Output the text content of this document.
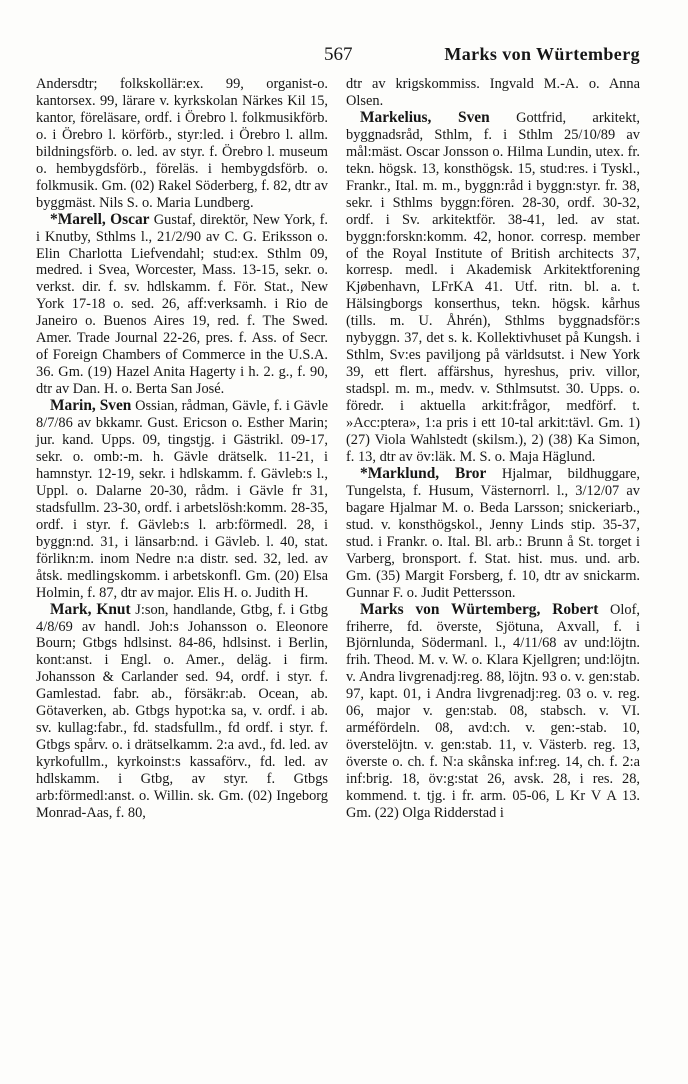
567	Marks von Würtemberg

Andersdtr; folkskollär:ex. 99, organist-o. kantorsex. 99, lärare v. kyrkskolan Närkes Kil 15, kantor, föreläsare, ordf. i Örebro l. folkmusikförb. o. i Örebro l. körförb., styr:led. i Örebro l. allm. bildningsförb. o. led. av styr. f. Örebro l. museum o. hembygdsförb., föreläs. i hembygdsförb. o. folkmusik. Gm. (02) Rakel Söderberg, f. 82, dtr av byggmäst. Nils S. o. Maria Lundberg.

*Marell, Oscar Gustaf, direktör, New York, f. i Knutby, Sthlms l., 21/2/90 av C. G. Eriksson o. Elin Charlotta Liefvendahl; stud:ex. Sthlm 09, medred. i Svea, Worcester, Mass. 13-15, sekr. o. verkst. dir. f. sv. hdlskamm. f. För. Stat., New York 17-18 o. sed. 26, aff:verksamh. i Rio de Janeiro o. Buenos Aires 19, red. f. The Swed. Amer. Trade Journal 22-26, pres. f. Ass. of Secr. of Foreign Chambers of Commerce in the U.S.A. 36. Gm. (19) Hazel Anita Hagerty i h. 2. g., f. 90, dtr av Dan. H. o. Berta San José.

Marin, Sven Ossian, rådman, Gävle, f. i Gävle 8/7/86 av bkkamr. Gust. Ericson o. Esther Marin; jur. kand. Upps. 09, tingstjg. i Gästrikl. 09-17, sekr. o. omb:-m. h. Gävle drätselk. 11-21, i hamnstyr. 12-19, sekr. i hdlskamm. f. Gävleb:s l., Uppl. o. Dalarne 20-30, rådm. i Gävle fr 31, stadsfullm. 23-30, ordf. i arbetslösh:komm. 28-35, ordf. i styr. f. Gävleb:s l. arb:förmedl. 28, i byggn:nd. 31, i länsarb:nd. i Gävleb. l. 40, stat. förlikn:m. inom Nedre n:a distr. sed. 32, led. av åtsk. medlingskomm. i arbetskonfl. Gm. (20) Elsa Holmin, f. 87, dtr av major. Elis H. o. Judith H.

Mark, Knut J:son, handlande, Gtbg, f. i Gtbg 4/8/69 av handl. Joh:s Johansson o. Eleonore Bourn; Gtbgs hdlsinst. 84-86, hdlsinst. i Berlin, kont:anst. i Engl. o. Amer., deläg. i firm. Johansson & Carlander sed. 94, ordf. i styr. f. Gamlestad. fabr. ab., försäkr:ab. Ocean, ab. Götaverken, ab. Gtbgs hypot:ka sa, v. ordf. i ab. sv. kullag:fabr., fd. stadsfullm., fd ordf. i styr. f. Gtbgs spårv. o. i drätselkamm. 2:a avd., fd. led. av kyrkofullm., kyrkoinst:s kassaförv., fd. led. av hdlskamm. i Gtbg, av styr. f. Gtbgs arb:förmedl:anst. o. Willin. sk. Gm. (02) Ingeborg Monrad-Aas, f. 80,

dtr av krigskommiss. Ingvald M.-A. o. Anna Olsen.

Markelius, Sven Gottfrid, arkitekt, byggnadsråd, Sthlm, f. i Sthlm 25/10/89 av mål:mäst. Oscar Jonsson o. Hilma Lundin, utex. fr. tekn. högsk. 13, konsthögsk. 15, stud:res. i Tyskl., Frankr., Ital. m. m., byggn:råd i byggn:styr. fr. 38, sekr. i Sthlms byggn:fören. 28-30, ordf. 30-32, ordf. i Sv. arkitektför. 38-41, led. av stat. byggn:forskn:komm. 42, honor. corresp. member of the Royal Institute of British architects 37, korresp. medl. i Akademisk Arkitektforening Kjøbenhavn, LFrKA 41. Utf. ritn. bl. a. t. Hälsingborgs konserthus, tekn. högsk. kårhus (tills. m. U. Åhrén), Sthlms byggnadsför:s nybyggn. 37, det s. k. Kollektivhuset på Kungsh. i Sthlm, Sv:es paviljong på världsutst. i New York 39, ett flert. affärshus, hyreshus, priv. villor, stadspl. m. m., medv. v. Sthlmsutst. 30. Upps. o. föredr. i aktuella arkit:frågor, medförf. t. »Acc:ptera», 1:a pris i ett 10-tal arkit:tävl. Gm. 1) (27) Viola Wahlstedt (skilsm.), 2) (38) Ka Simon, f. 13, dtr av öv:läk. M. S. o. Maja Häglund.

*Marklund, Bror Hjalmar, bildhuggare, Tungelsta, f. Husum, Västernorrl. l., 3/12/07 av bagare Hjalmar M. o. Beda Larsson; snickeriarb., stud. v. konsthögskol., Jenny Linds stip. 35-37, stud. i Frankr. o. Ital. Bl. arb.: Brunn å St. torget i Varberg, bronsport. f. Stat. hist. mus. und. arb. Gm. (35) Margit Forsberg, f. 10, dtr av snickarm. Gunnar F. o. Judit Pettersson.

Marks von Würtemberg, Robert Olof, friherre, fd. överste, Sjötuna, Axvall, f. i Björnlunda, Södermanl. l., 4/11/68 av und:löjtn. frih. Theod. M. v. W. o. Klara Kjellgren; und:löjtn. v. Andra livgrenadj:reg. 88, löjtn. 93 o. v. gen:stab. 97, kapt. 01, i Andra livgrenadj:reg. 03 o. v. reg. 06, major v. gen:stab. 08, stabsch. v. VI. arméfördeln. 08, avd:ch. v. gen:-stab. 10, överstelöjtn. v. gen:stab. 11, v. Västerb. reg. 13, överste o. ch. f. N:a skånska inf:reg. 14, ch. f. 2:a inf:brig. 18, öv:g:stat 26, avsk. 28, i res. 28, kommend. t. tjg. i fr. arm. 05-06, L Kr V A 13. Gm. (22) Olga Ridderstad i
